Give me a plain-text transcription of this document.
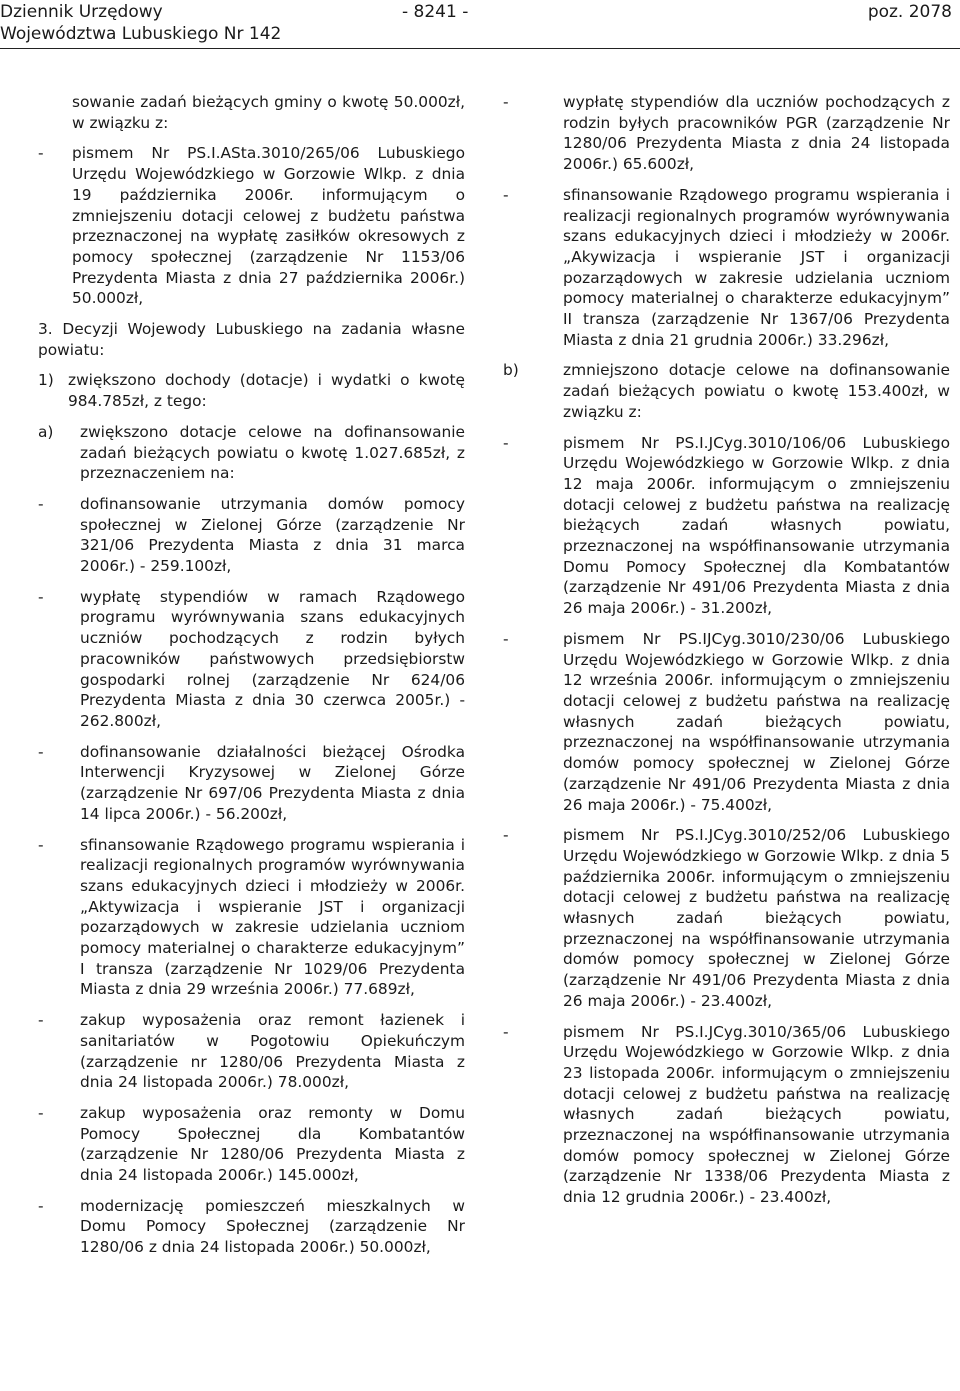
Dziennik Urzędowy
Województwa Lubuskiego Nr 142
- 8241 -	poz. 2078
sowanie zadań bieżących gminy o kwotę 50.000zł, w związku z:
- pismem Nr PS.I.ASta.3010/265/06 Lubuskiego Urzędu Wojewódzkiego w Gorzowie Wlkp. z dnia 19 października 2006r. informującym o zmniejszeniu dotacji celowej z budżetu państwa przeznaczonej na wypłatę zasiłków okresowych z pomocy społecznej (zarządzenie Nr 1153/06 Prezydenta Miasta z dnia 27 października 2006r.) 50.000zł,
3. Decyzji Wojewody Lubuskiego na zadania własne powiatu:
1) zwiększono dochody (dotacje) i wydatki o kwotę 984.785zł, z tego:
a) zwiększono dotacje celowe na dofinansowanie zadań bieżących powiatu o kwotę 1.027.685zł, z przeznaczeniem na:
- dofinansowanie utrzymania domów pomocy społecznej w Zielonej Górze (zarządzenie Nr 321/06 Prezydenta Miasta z dnia 31 marca 2006r.) - 259.100zł,
- wypłatę stypendiów w ramach Rządowego programu wyrównywania szans edukacyjnych uczniów pochodzących z rodzin byłych pracowników państwowych przedsiębiorstw gospodarki rolnej (zarządzenie Nr 624/06 Prezydenta Miasta z dnia 30 czerwca 2005r.) - 262.800zł,
- dofinansowanie działalności bieżącej Ośrodka Interwencji Kryzysowej w Zielonej Górze (zarządzenie Nr 697/06 Prezydenta Miasta z dnia 14 lipca 2006r.) - 56.200zł,
- sfinansowanie Rządowego programu wspierania i realizacji regionalnych programów wyrównywania szans edukacyjnych dzieci i młodzieży w 2006r. „Aktywizacja i wspieranie JST i organizacji pozarządowych w zakresie udzielania uczniom pomocy materialnej o charakterze edukacyjnym” I transza (zarządzenie Nr 1029/06 Prezydenta Miasta z dnia 29 września 2006r.) 77.689zł,
- zakup wyposażenia oraz remont łazienek i sanitariatów w Pogotowiu Opiekuńczym (zarządzenie nr 1280/06 Prezydenta Miasta z dnia 24 listopada 2006r.) 78.000zł,
- zakup wyposażenia oraz remonty w Domu Pomocy Społecznej dla Kombatantów (zarządzenie Nr 1280/06 Prezydenta Miasta z dnia 24 listopada 2006r.) 145.000zł,
- modernizację pomieszczeń mieszkalnych w Domu Pomocy Społecznej (zarządzenie Nr 1280/06 z dnia 24 listopada 2006r.) 50.000zł,
-	wypłatę stypendiów dla uczniów pochodzących z rodzin byłych pracowników PGR (zarządzenie Nr 1280/06 Prezydenta Miasta z dnia 24 listopada 2006r.) 65.600zł,
-	sfinansowanie Rządowego programu wspierania i realizacji regionalnych programów wyrównywania szans edukacyjnych dzieci i młodzieży w 2006r. „Akywizacja i wspieranie JST i organizacji pozarządowych w zakresie udzielania uczniom pomocy materialnej o charakterze edukacyjnym” II transza (zarządzenie Nr 1367/06 Prezydenta Miasta z dnia 21 grudnia 2006r.) 33.296zł,
b)	zmniejszono dotacje celowe na dofinansowanie zadań bieżących powiatu o kwotę 153.400zł, w związku z:
-	pismem Nr PS.I.JCyg.3010/106/06 Lubuskiego Urzędu Wojewódzkiego w Gorzowie Wlkp. z dnia 12 maja 2006r. informującym o zmniejszeniu dotacji celowej z budżetu państwa na realizację bieżących zadań własnych powiatu, przeznaczonej na współfinansowanie utrzymania Domu Pomocy Społecznej dla Kombatantów (zarządzenie Nr 491/06 Prezydenta Miasta z dnia 26 maja 2006r.) - 31.200zł,
-	pismem Nr PS.IJCyg.3010/230/06 Lubuskiego Urzędu Wojewódzkiego w Gorzowie Wlkp. z dnia 12 września 2006r. informującym o zmniejszeniu dotacji celowej z budżetu państwa na realizację własnych zadań bieżących powiatu, przeznaczonej na współfinansowanie utrzymania domów pomocy społecznej w Zielonej Górze (zarządzenie Nr 491/06 Prezydenta Miasta z dnia 26 maja 2006r.) - 75.400zł,
-	pismem Nr PS.I.JCyg.3010/252/06 Lubuskiego Urzędu Wojewódzkiego w Gorzowie Wlkp. z dnia 5 października 2006r. informującym o zmniejszeniu dotacji celowej z budżetu państwa na realizację własnych zadań bieżących powiatu, przeznaczonej na współfinansowanie utrzymania domów pomocy społecznej w Zielonej Górze (zarządzenie Nr 491/06 Prezydenta Miasta z dnia 26 maja 2006r.) - 23.400zł,
-	pismem Nr PS.I.JCyg.3010/365/06 Lubuskiego Urzędu Wojewódzkiego w Gorzowie Wlkp. z dnia 23 listopada 2006r. informującym o zmniejszeniu dotacji celowej z budżetu państwa na realizację własnych zadań bieżących powiatu, przeznaczonej na współfinansowanie utrzymania domów pomocy społecznej w Zielonej Górze (zarządzenie Nr 1338/06 Prezydenta Miasta z dnia 12 grudnia 2006r.) - 23.400zł,
